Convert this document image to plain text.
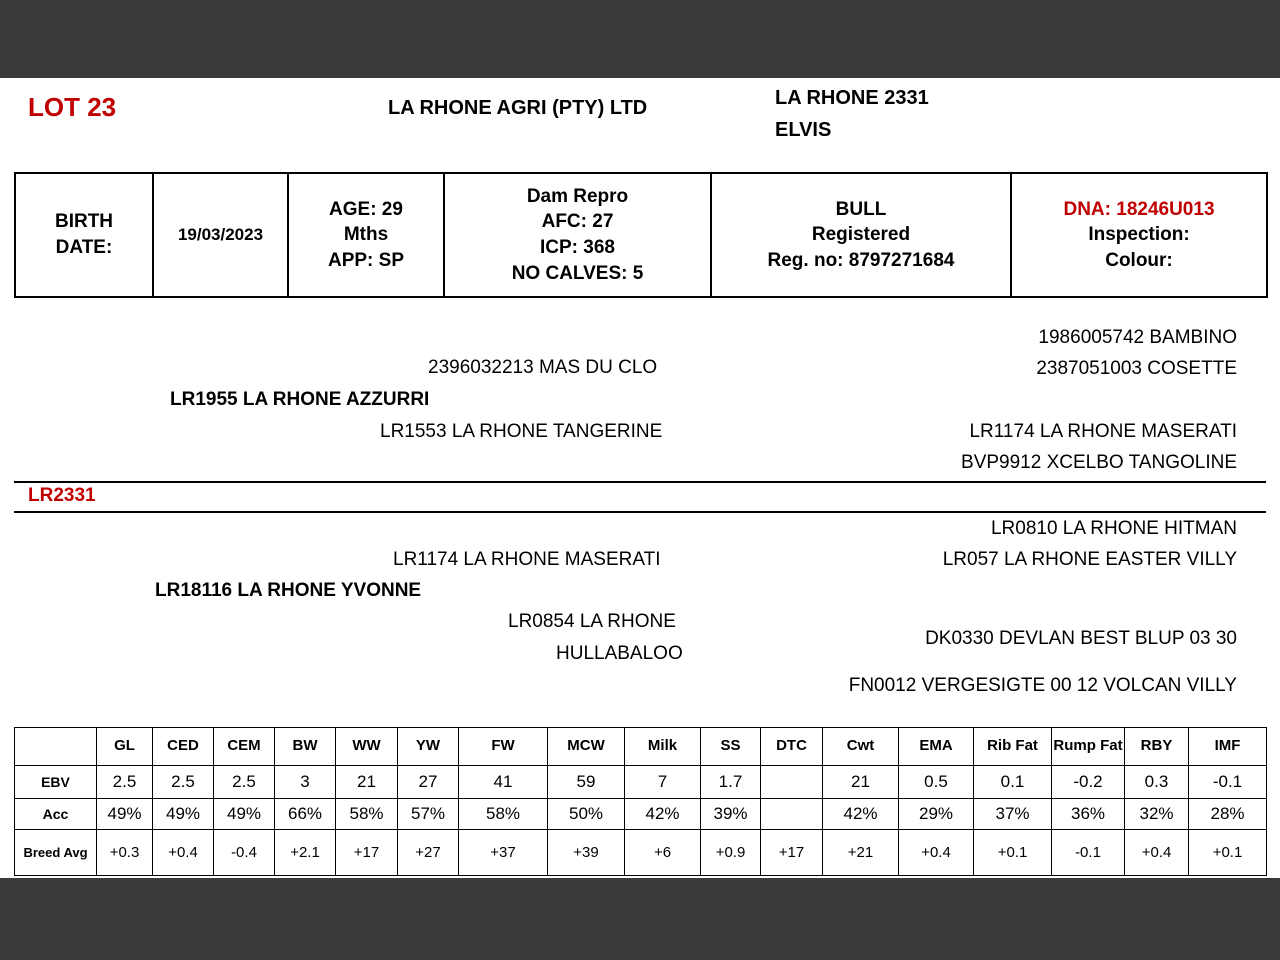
LOT 23	LA RHONE AGRI (PTY) LTD	LA RHONE 2331
ELVIS
BIRTH
DATE:
	19/03/2023	
AGE: 29
Mths
APP: SP

Dam Repro
AFC: 27
ICP: 368
NO CALVES: 5

BULL
Registered
Reg. no: 8797271684

DNA: 18246U013
Inspection:
Colour:
1986005742 BAMBINO
2387051003 COSETTE
2396032213 MAS DU CLO
LR1955 LA RHONE AZZURRI
LR1553 LA RHONE TANGERINE	LR1174 LA RHONE MASERATI
BVP9912 XCELBO TANGOLINE
LR2331
LR0810 LA RHONE HITMAN
LR1174 LA RHONE MASERATI	LR057 LA RHONE EASTER VILLY
LR18116 LA RHONE YVONNE
LR0854 LA RHONE
HULLABALOO
DK0330 DEVLAN BEST BLUP 03 30
FN0012 VERGESIGTE 00 12 VOLCAN VILLY
	GL	CED	CEM	BW	WW	YW	FW	MCW	Milk	SS	DTC	Cwt	EMA	Rib Fat	Rump Fat	RBY	IMF
EBV	2.5	2.5	2.5	3	21	27	41	59	7	1.7		21	0.5	0.1	-0.2	0.3	-0.1
Acc	49%	49%	49%	66%	58%	57%	58%	50%	42%	39%		42%	29%	37%	36%	32%	28%
Breed Avg	+0.3	+0.4	-0.4	+2.1	+17	+27	+37	+39	+6	+0.9	+17	+21	+0.4	+0.1	-0.1	+0.4	+0.1
